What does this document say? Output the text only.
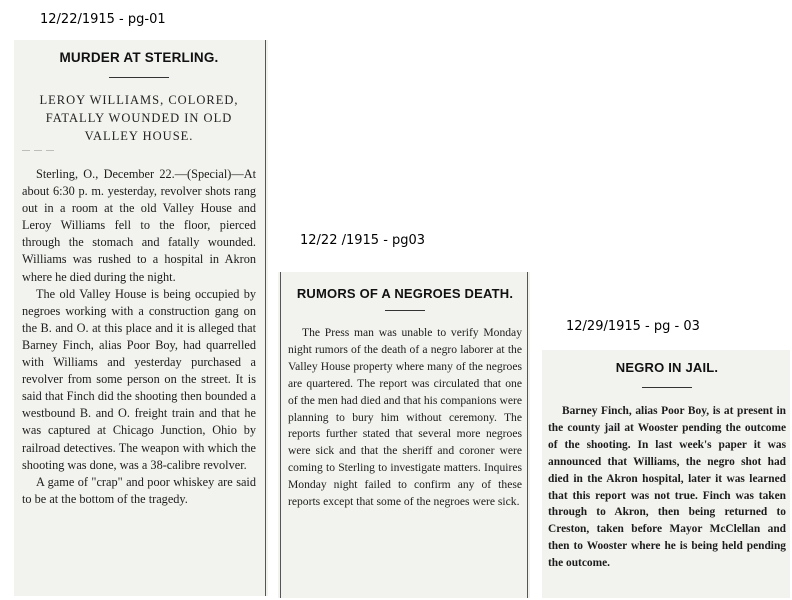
12/22/1915 - pg-01
12/22 /1915 - pg03
12/29/1915 - pg - 03
MURDER AT STERLING.
LEROY WILLIAMS, COLORED, FATALLY WOUNDED IN OLD VALLEY HOUSE.
— — —

Sterling, O., December 22.—(Special)—At about 6:30 p. m. yesterday, revolver shots rang out in a room at the old Valley House and Leroy Williams fell to the floor, pierced through the stomach and fatally wounded. Williams was rushed to a hospital in Akron where he died during the night.

The old Valley House is being occupied by negroes working with a construction gang on the B. and O. at this place and it is alleged that Barney Finch, alias Poor Boy, had quarrelled with Williams and yesterday purchased a revolver from some person on the street. It is said that Finch did the shooting then bounded a westbound B. and O. freight train and that he was captured at Chicago Junction, Ohio by railroad detectives. The weapon with which the shooting was done, was a 38-calibre revolver.

A game of "crap" and poor whiskey are said to be at the bottom of the tragedy.

RUMORS OF A NEGROES DEATH.

The Press man was unable to verify Monday night rumors of the death of a negro laborer at the Valley House property where many of the negroes are quartered. The report was circulated that one of the men had died and that his companions were planning to bury him without ceremony. The reports further stated that several more negroes were sick and that the sheriff and coroner were coming to Sterling to investigate matters. Inquires Monday night failed to confirm any of these reports except that some of the negroes were sick.

NEGRO IN JAIL.

Barney Finch, alias Poor Boy, is at present in the county jail at Wooster pending the outcome of the shooting. In last week's paper it was announced that Williams, the negro shot had died in the Akron hospital, later it was learned that this report was not true. Finch was taken through to Akron, then being returned to Creston, taken before Mayor McClellan and then to Wooster where he is being held pending the outcome.
